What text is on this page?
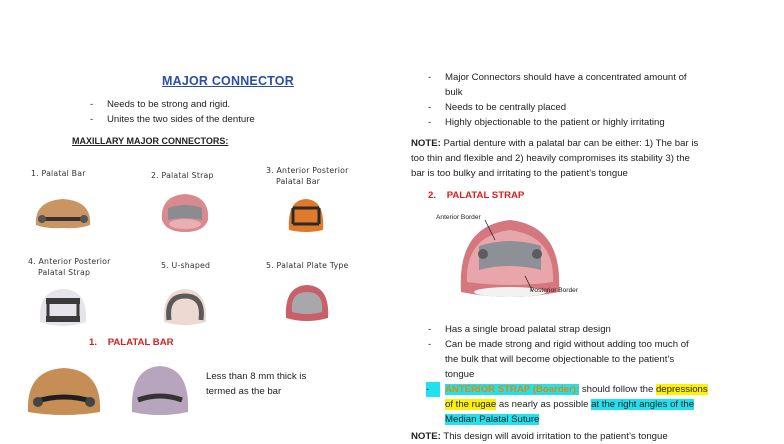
MAJOR CONNECTOR
- Needs to be strong and rigid.
- Unites the two sides of the denture
MAXILLARY MAJOR CONNECTORS:
1. Palatal Bar	2. Palatal Strap
3. Anterior Posterior
Palatal Bar
4. Anterior Posterior
Palatal Strap
5. U-shaped	5. Palatal Plate Type
1. PALATAL BAR
Less than 8 mm thick is
termed as the bar
- Major Connectors should have a concentrated amount of
bulk
- Needs to be centrally placed
- Highly objectionable to the patient or highly irritating
NOTE: Partial denture with a palatal bar can be either: 1) The bar is
too thin and flexible and 2) heavily compromises its stability 3) the
bar is too bulky and irritating to the patient’s tongue
2. PALATAL STRAP
Anterior Border
Posterior Border
- Has a single broad palatal strap design
- Can be made strong and rigid without adding too much of
the bulk that will become objectionable to the patient’s
tongue
-	ANTERIOR STRAP (Boarder): should follow the depressions
of the rugae as nearly as possible at the right angles of the
Median Palatal Suture
NOTE: This design will avoid irritation to the patient’s tongue
